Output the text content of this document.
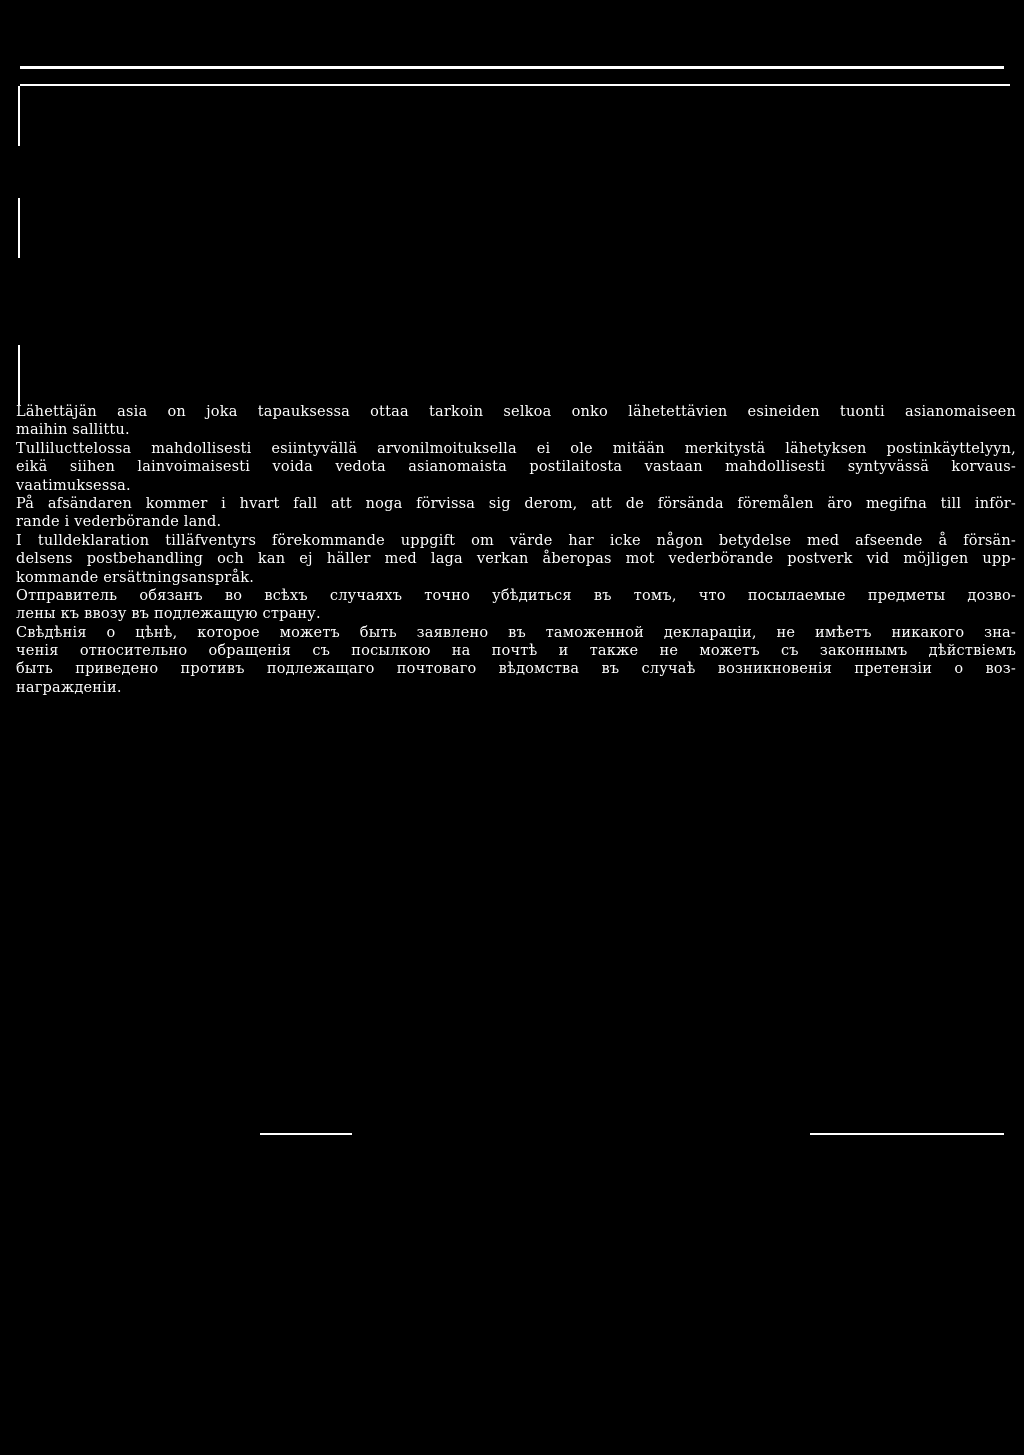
Lähettäjän asia on joka tapauksessa ottaa tarkoin selkoa onko lähetettävien esineiden tuonti asianomaiseen
maihin sallittu.
Tullilucttelossa mahdollisesti esiintyvällä arvonilmoituksella ei ole mitään merkitystä lähetyksen postinkäyttelyyn,
eikä siihen lainvoimaisesti voida vedota asianomaista postilaitosta vastaan mahdollisesti syntyvässä korvaus-
vaatimuksessa.
På afsändaren kommer i hvart fall att noga förvissa sig derom, att de försända föremålen äro megifna till inför-
rande i vederbörande land.
I tulldeklaration tilläfventyrs förekommande uppgift om värde har icke någon betydelse med afseende å försän-
delsens postbehandling och kan ej häller med laga verkan åberopas mot vederbörande postverk vid möjligen upp-
kommande ersättningsanspråk.
Отправитель обязанъ во всѣхъ случаяхъ точно убѣдиться въ томъ, что посылаемые предметы дозво-
лены къ ввозу въ подлежащую страну.
Свѣдѣнія о цѣнѣ, которое можетъ быть заявлено въ таможенной деклараціи, не имѣетъ никакого зна-
ченія относительно обращенія съ посылкою на почтѣ и также не можетъ съ законнымъ дѣйствіемъ
быть приведено противъ подлежащаго почтоваго вѣдомства въ случаѣ возникновенія претензіи о воз-
награжденіи.
